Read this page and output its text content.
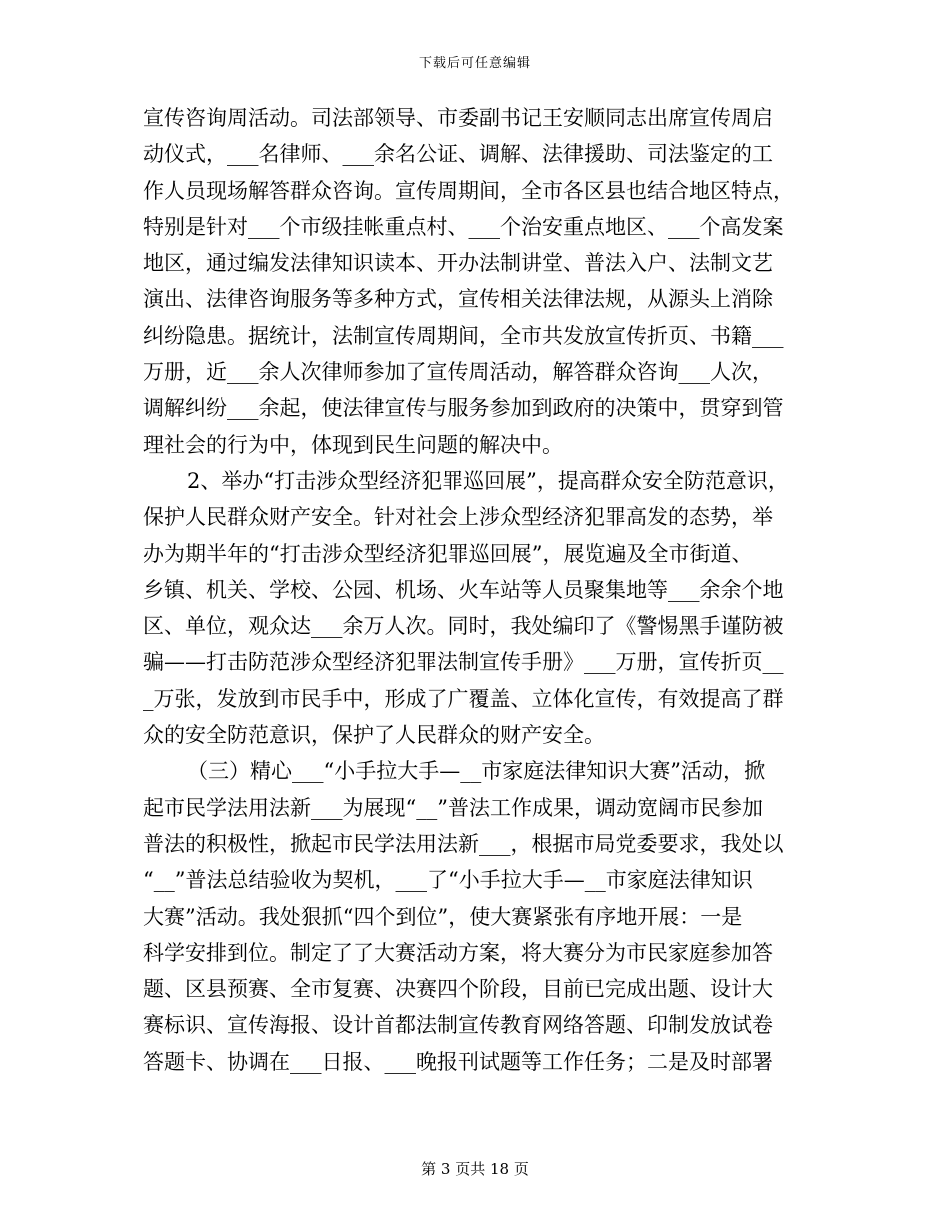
下载后可任意编辑
宣传咨询周活动。司法部领导、市委副书记王安顺同志出席宣传周启
动仪式，___名律师、___余名公证、调解、法律援助、司法鉴定的工
作人员现场解答群众咨询。宣传周期间，全市各区县也结合地区特点，
特别是针对___个市级挂帐重点村、___个治安重点地区、___个高发案
地区，通过编发法律知识读本、开办法制讲堂、普法入户、法制文艺
演出、法律咨询服务等多种方式，宣传相关法律法规，从源头上消除
纠纷隐患。据统计，法制宣传周期间，全市共发放宣传折页、书籍___
万册，近___余人次律师参加了宣传周活动，解答群众咨询___人次，
调解纠纷___余起，使法律宣传与服务参加到政府的决策中，贯穿到管
理社会的行为中，体现到民生问题的解决中。
2、举办“打击涉众型经济犯罪巡回展”，提高群众安全防范意识，
保护人民群众财产安全。针对社会上涉众型经济犯罪高发的态势，举
办为期半年的“打击涉众型经济犯罪巡回展”，展览遍及全市街道、
乡镇、机关、学校、公园、机场、火车站等人员聚集地等___余余个地
区、单位，观众达___余万人次。同时，我处编印了《警惕黑手谨防被
骗——打击防范涉众型经济犯罪法制宣传手册》___万册，宣传折页__
_万张，发放到市民手中，形成了广覆盖、立体化宣传，有效提高了群
众的安全防范意识，保护了人民群众的财产安全。
（三）精心___“小手拉大手—__市家庭法律知识大赛”活动，掀
起市民学法用法新___为展现“__”普法工作成果，调动宽阔市民参加
普法的积极性，掀起市民学法用法新___，根据市局党委要求，我处以
“__”普法总结验收为契机，___了“小手拉大手—__市家庭法律知识
大赛”活动。我处狠抓“四个到位”，使大赛紧张有序地开展：一是
科学安排到位。制定了了大赛活动方案，将大赛分为市民家庭参加答
题、区县预赛、全市复赛、决赛四个阶段，目前已完成出题、设计大
赛标识、宣传海报、设计首都法制宣传教育网络答题、印制发放试卷
答题卡、协调在___日报、___晚报刊试题等工作任务；二是及时部署
第 3 页共 18 页
